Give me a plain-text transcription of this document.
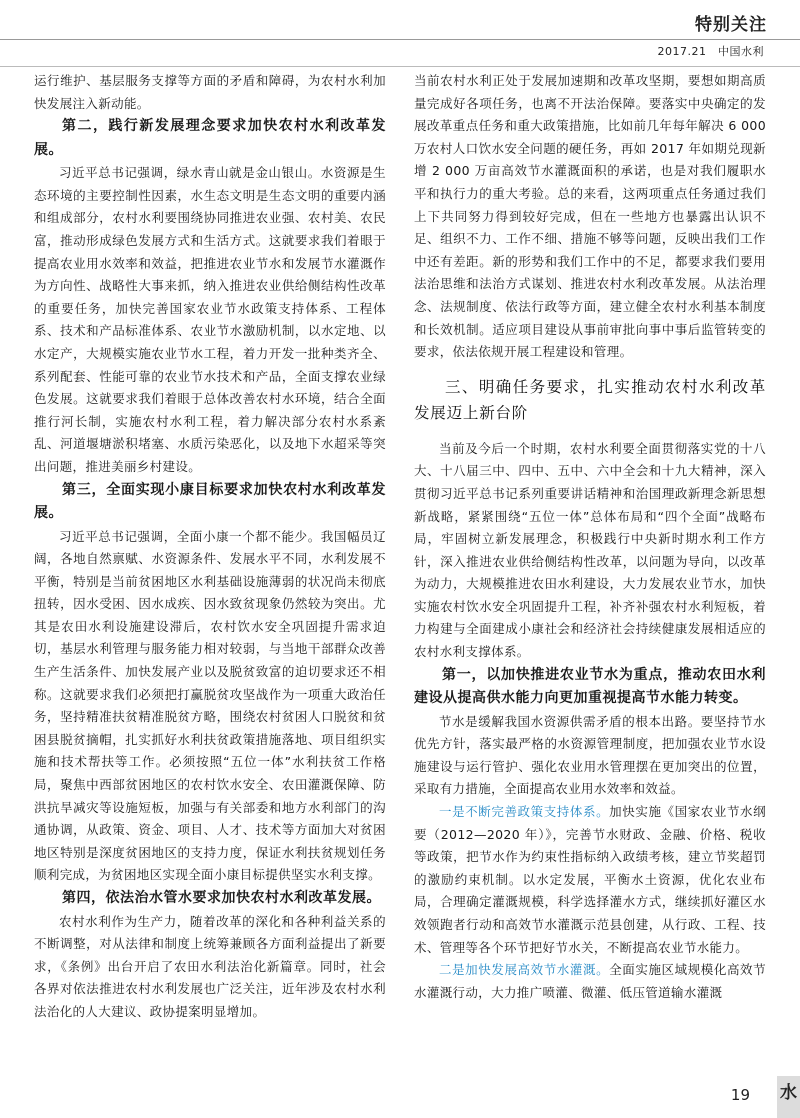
特别关注
2017.21　中国水利

运行维护、基层服务支撑等方面的矛盾和障碍，为农村水利加快发展注入新动能。

第二，践行新发展理念要求加快农村水利改革发展。

习近平总书记强调，绿水青山就是金山银山。水资源是生态环境的主要控制性因素，水生态文明是生态文明的重要内涵和组成部分，农村水利要围绕协同推进农业强、农村美、农民富，推动形成绿色发展方式和生活方式。这就要求我们着眼于提高农业用水效率和效益，把推进农业节水和发展节水灌溉作为方向性、战略性大事来抓，纳入推进农业供给侧结构性改革的重要任务，加快完善国家农业节水政策支持体系、工程体系、技术和产品标准体系、农业节水激励机制，以水定地、以水定产，大规模实施农业节水工程，着力开发一批种类齐全、系列配套、性能可靠的农业节水技术和产品，全面支撑农业绿色发展。这就要求我们着眼于总体改善农村水环境，结合全面推行河长制，实施农村水利工程，着力解决部分农村水系紊乱、河道堰塘淤积堵塞、水质污染恶化，以及地下水超采等突出问题，推进美丽乡村建设。

第三，全面实现小康目标要求加快农村水利改革发展。

习近平总书记强调，全面小康一个都不能少。我国幅员辽阔，各地自然禀赋、水资源条件、发展水平不同，水利发展不平衡，特别是当前贫困地区水利基础设施薄弱的状况尚未彻底扭转，因水受困、因水成疾、因水致贫现象仍然较为突出。尤其是农田水利设施建设滞后，农村饮水安全巩固提升需求迫切，基层水利管理与服务能力相对较弱，与当地干部群众改善生产生活条件、加快发展产业以及脱贫致富的迫切要求还不相称。这就要求我们必须把打赢脱贫攻坚战作为一项重大政治任务，坚持精准扶贫精准脱贫方略，围绕农村贫困人口脱贫和贫困县脱贫摘帽，扎实抓好水利扶贫政策措施落地、项目组织实施和技术帮扶等工作。必须按照“五位一体”水利扶贫工作格局，聚焦中西部贫困地区的农村饮水安全、农田灌溉保障、防洪抗旱减灾等设施短板，加强与有关部委和地方水利部门的沟通协调，从政策、资金、项目、人才、技术等方面加大对贫困地区特别是深度贫困地区的支持力度，保证水利扶贫规划任务顺利完成，为贫困地区实现全面小康目标提供坚实水利支撑。

第四，依法治水管水要求加快农村水利改革发展。

农村水利作为生产力，随着改革的深化和各种利益关系的不断调整，对从法律和制度上统筹兼顾各方面利益提出了新要求，《条例》出台开启了农田水利法治化新篇章。同时，社会各界对依法推进农村水利发展也广泛关注，近年涉及农村水利法治化的人大建议、政协提案明显增加。

当前农村水利正处于发展加速期和改革攻坚期，要想如期高质量完成好各项任务，也离不开法治保障。要落实中央确定的发展改革重点任务和重大政策措施，比如前几年每年解决 6 000 万农村人口饮水安全问题的硬任务，再如 2017 年如期兑现新增 2 000 万亩高效节水灌溉面积的承诺，也是对我们履职水平和执行力的重大考验。总的来看，这两项重点任务通过我们上下共同努力得到较好完成，但在一些地方也暴露出认识不足、组织不力、工作不细、措施不够等问题，反映出我们工作中还有差距。新的形势和我们工作中的不足，都要求我们要用法治思维和法治方式谋划、推进农村水利改革发展。从法治理念、法规制度、依法行政等方面，建立健全农村水利基本制度和长效机制。适应项目建设从事前审批向事中事后监管转变的要求，依法依规开展工程建设和管理。

三、明确任务要求，扎实推动农村水利改革发展迈上新台阶

当前及今后一个时期，农村水利要全面贯彻落实党的十八大、十八届三中、四中、五中、六中全会和十九大精神，深入贯彻习近平总书记系列重要讲话精神和治国理政新理念新思想新战略，紧紧围绕“五位一体”总体布局和“四个全面”战略布局，牢固树立新发展理念，积极践行中央新时期水利工作方针，深入推进农业供给侧结构性改革，以问题为导向，以改革为动力，大规模推进农田水利建设，大力发展农业节水，加快实施农村饮水安全巩固提升工程，补齐补强农村水利短板，着力构建与全面建成小康社会和经济社会持续健康发展相适应的农村水利支撑体系。

第一，以加快推进农业节水为重点，推动农田水利建设从提高供水能力向更加重视提高节水能力转变。

节水是缓解我国水资源供需矛盾的根本出路。要坚持节水优先方针，落实最严格的水资源管理制度，把加强农业节水设施建设与运行管护、强化农业用水管理摆在更加突出的位置，采取有力措施，全面提高农业用水效率和效益。

一是不断完善政策支持体系。加快实施《国家农业节水纲要（2012—2020 年）》，完善节水财政、金融、价格、税收等政策，把节水作为约束性指标纳入政绩考核，建立节奖超罚的激励约束机制。以水定发展，平衡水土资源，优化农业布局，合理确定灌溉规模，科学选择灌水方式，继续抓好灌区水效领跑者行动和高效节水灌溉示范县创建，从行政、工程、技术、管理等各个环节把好节水关，不断提高农业节水能力。

二是加快发展高效节水灌溉。全面实施区域规模化高效节水灌溉行动，大力推广喷灌、微灌、低压管道输水灌溉

19 水
